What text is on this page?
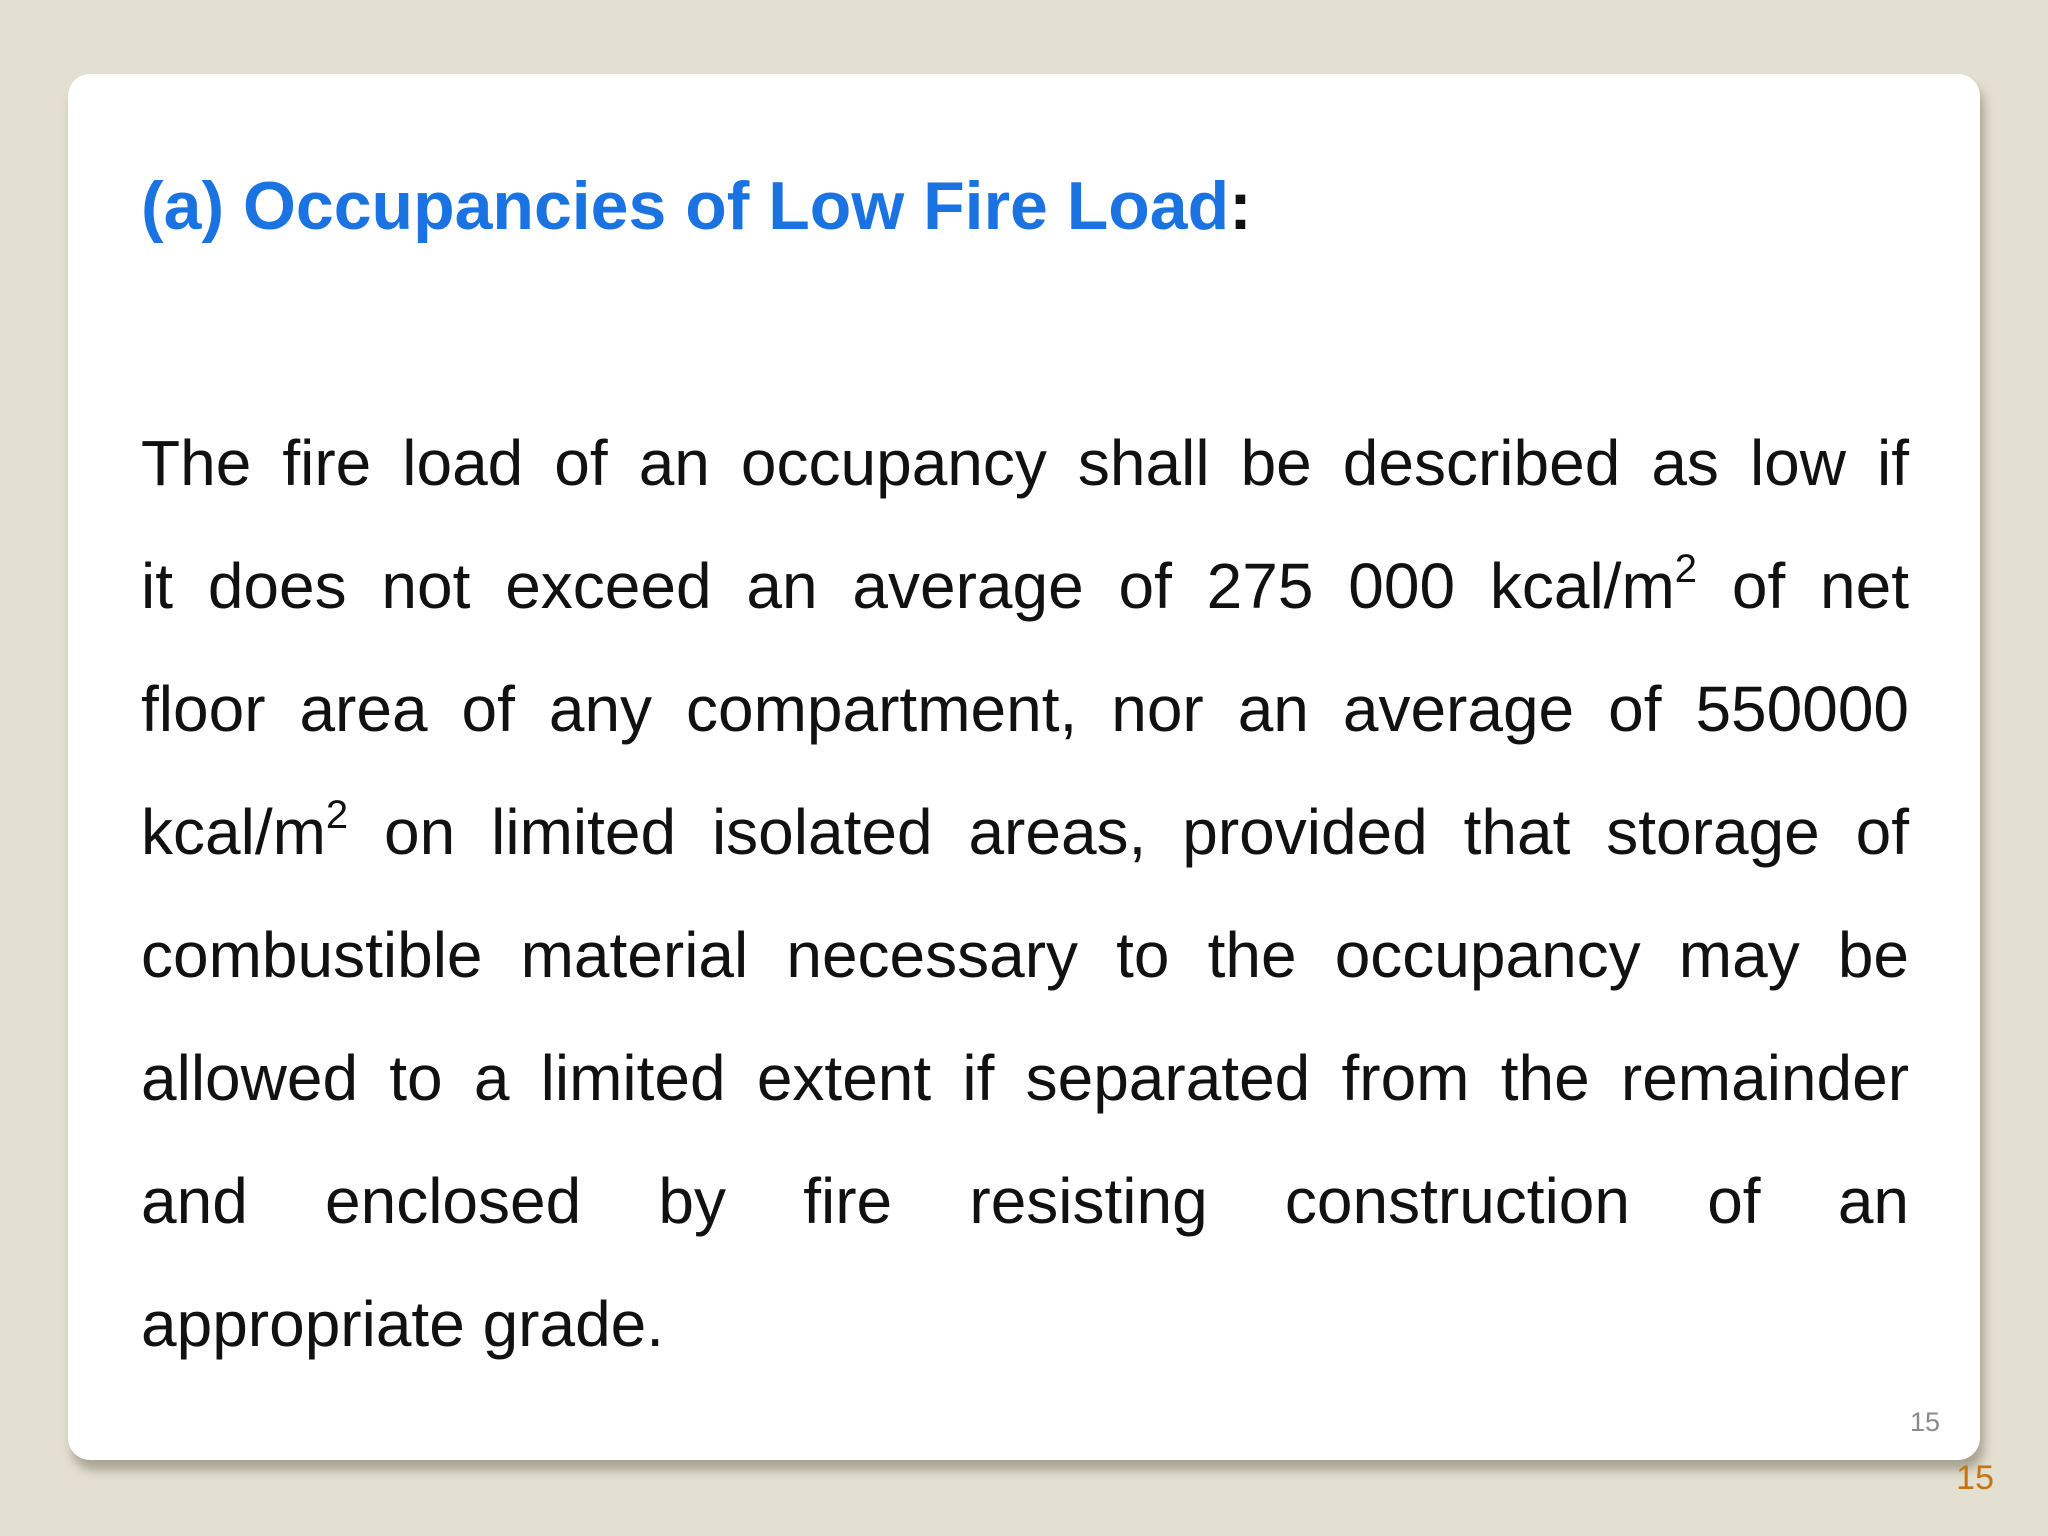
(a) Occupancies of Low Fire Load:

The fire load of an occupancy shall be described as low if
it does not exceed an average of 275 000 kcal/$m^2$ of net
floor area of any compartment, nor an average of 550000
kcal/$m^2$ on limited isolated areas, provided that storage of
combustible material necessary to the occupancy may be
allowed to a limited extent if separated from the remainder
and enclosed by fire resisting construction of an
appropriate grade.

15
15
